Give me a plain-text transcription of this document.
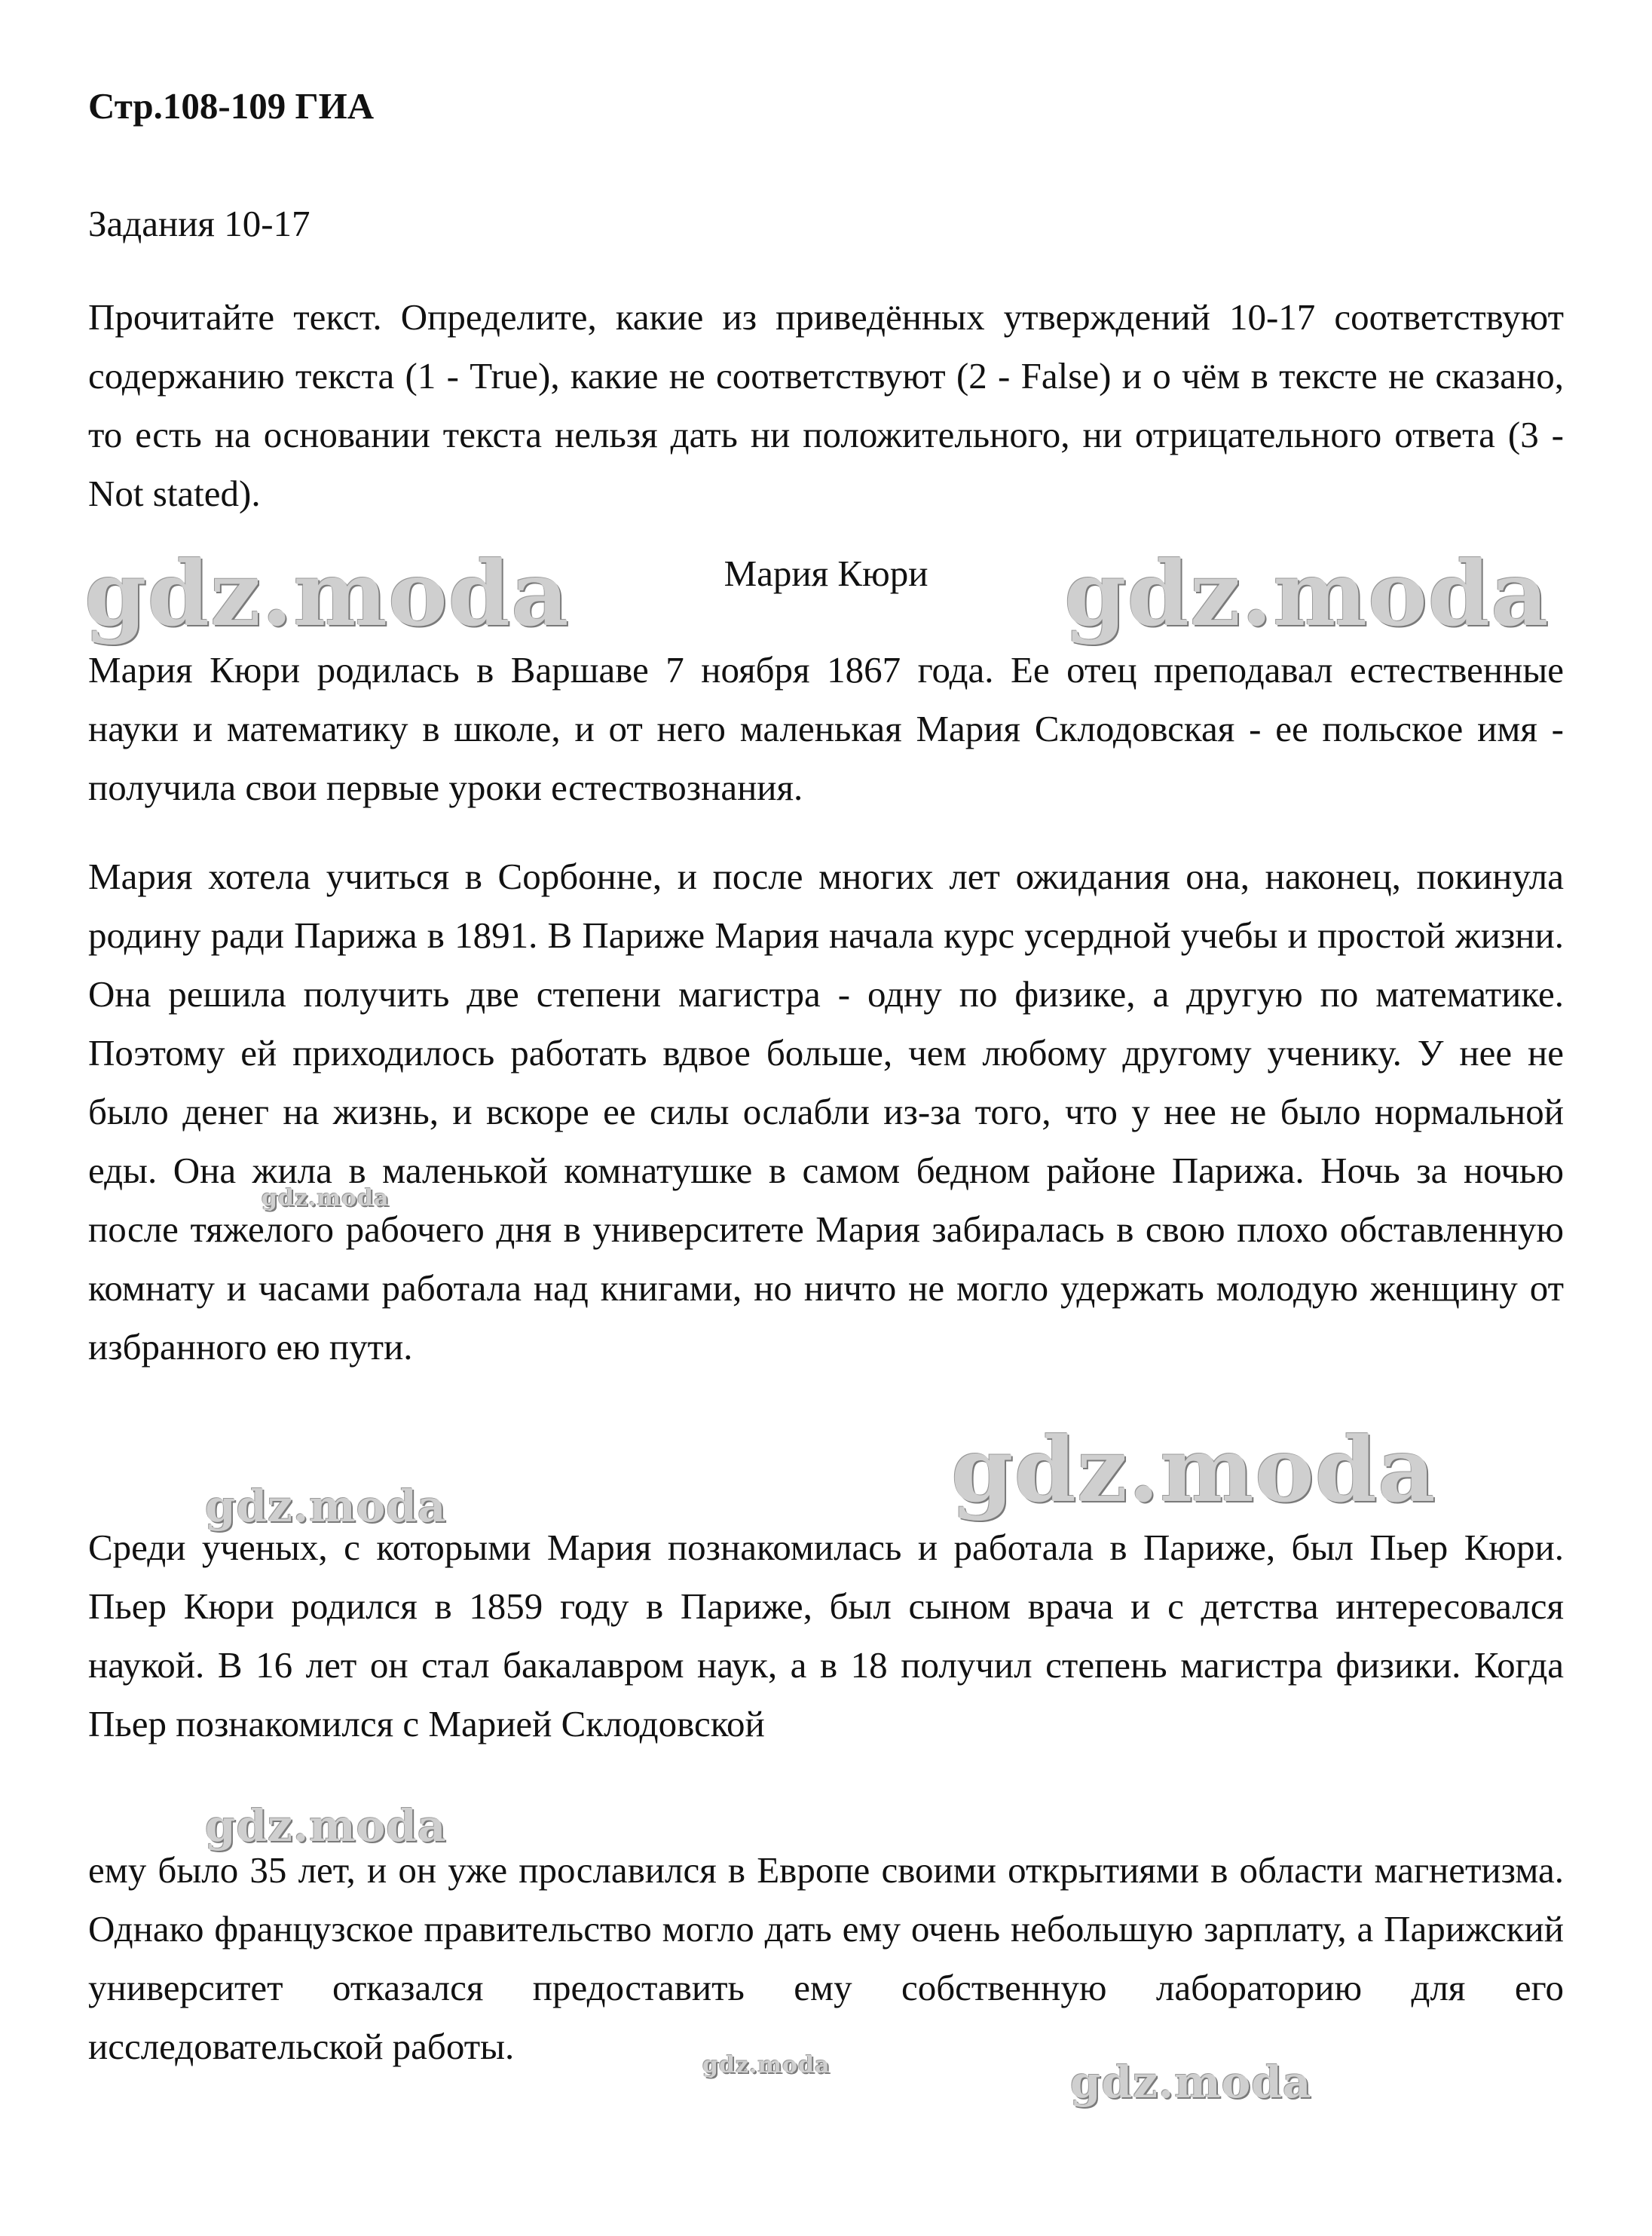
Стр.108-109 ГИА

Задания 10-17

Прочитайте текст. Определите, какие из приведённых утверждений 10-17 соответствуют содержанию текста (1 - True), какие не соответствуют (2 - False) и о чём в тексте не сказано, то есть на основании текста нельзя дать ни положительного, ни отрицательного ответа (3 - Not stated).

Мария Кюри

Мария Кюри родилась в Варшаве 7 ноября 1867 года. Ее отец преподавал естественные науки и математику в школе, и от него маленькая Мария Склодовская - ее польское имя - получила свои первые уроки естествознания.

Мария хотела учиться в Сорбонне, и после многих лет ожидания она, наконец, покинула родину ради Парижа в 1891. В Париже Мария начала курс усердной учебы и простой жизни. Она решила получить две степени магистра - одну по физике, а другую по математике. Поэтому ей приходилось работать вдвое больше, чем любому другому ученику. У нее не было денег на жизнь, и вскоре ее силы ослабли из-за того, что у нее не было нормальной еды. Она жила в маленькой комнатушке в самом бедном районе Парижа. Ночь за ночью после тяжелого рабочего дня в университете Мария забиралась в свою плохо обставленную комнату и часами работала над книгами, но ничто не могло удержать молодую женщину от избранного ею пути.

Среди ученых, с которыми Мария познакомилась и работала в Париже, был Пьер Кюри. Пьер Кюри родился в 1859 году в Париже, был сыном врача и с детства интересовался наукой. В 16 лет он стал бакалавром наук, а в 18 получил степень магистра физики. Когда Пьер познакомился с Марией Склодовской

ему было 35 лет, и он уже прославился в Европе своими открытиями в области магнетизма. Однако французское правительство могло дать ему очень небольшую зарплату, а Парижский университет отказался предоставить ему собственную лабораторию для его исследовательской работы.

gdz.moda	gdz.moda
gdz.moda
gdz.moda
gdz.moda
gdz.moda
gdz.moda	gdz.moda
